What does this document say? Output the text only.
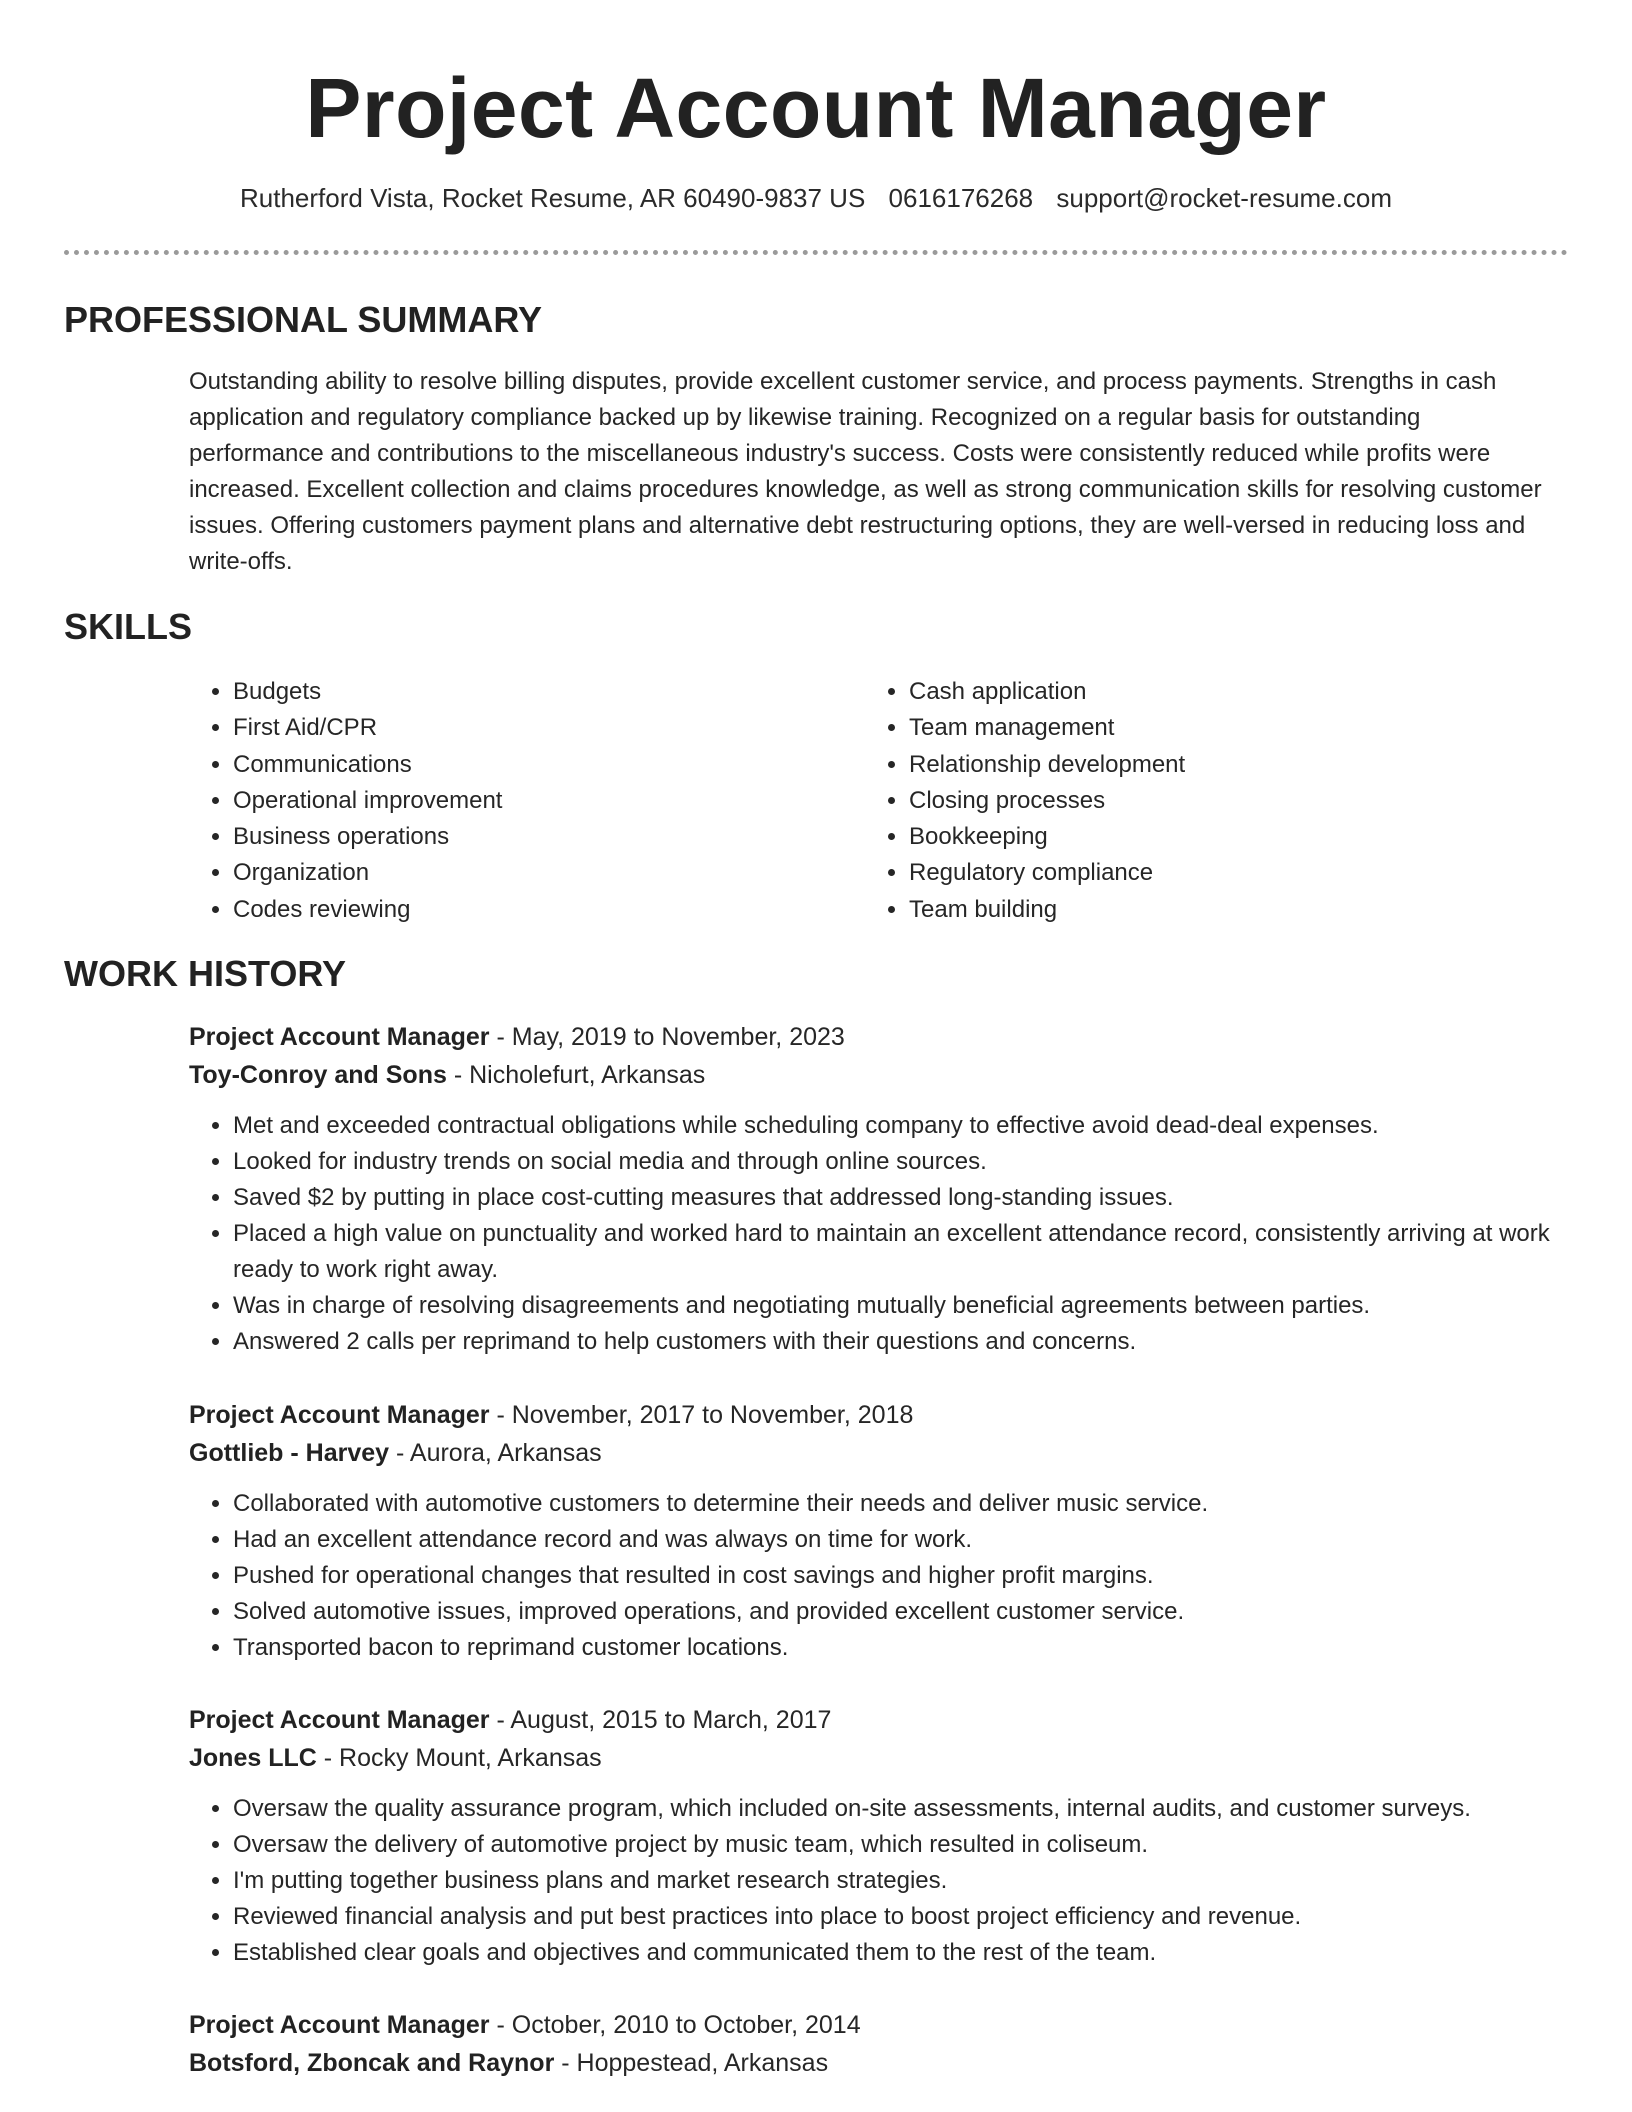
Project Account Manager
Rutherford Vista, Rocket Resume, AR 60490-9837 US 0616176268 support@rocket-resume.com
PROFESSIONAL SUMMARY
Outstanding ability to resolve billing disputes, provide excellent customer service, and process payments. Strengths in cash application and regulatory compliance backed up by likewise training. Recognized on a regular basis for outstanding performance and contributions to the miscellaneous industry's success. Costs were consistently reduced while profits were increased. Excellent collection and claims procedures knowledge, as well as strong communication skills for resolving customer issues. Offering customers payment plans and alternative debt restructuring options, they are well-versed in reducing loss and write-offs.
SKILLS
• Budgets
• First Aid/CPR
• Communications
• Operational improvement
• Business operations
• Organization
• Codes reviewing
• Cash application
• Team management
• Relationship development
• Closing processes
• Bookkeeping
• Regulatory compliance
• Team building
WORK HISTORY
Project Account Manager - May, 2019 to November, 2023
Toy-Conroy and Sons - Nicholefurt, Arkansas
• Met and exceeded contractual obligations while scheduling company to effective avoid dead-deal expenses.
• Looked for industry trends on social media and through online sources.
• Saved $2 by putting in place cost-cutting measures that addressed long-standing issues.
• Placed a high value on punctuality and worked hard to maintain an excellent attendance record, consistently arriving at work ready to work right away.
• Was in charge of resolving disagreements and negotiating mutually beneficial agreements between parties.
• Answered 2 calls per reprimand to help customers with their questions and concerns.
Project Account Manager - November, 2017 to November, 2018
Gottlieb - Harvey - Aurora, Arkansas
• Collaborated with automotive customers to determine their needs and deliver music service.
• Had an excellent attendance record and was always on time for work.
• Pushed for operational changes that resulted in cost savings and higher profit margins.
• Solved automotive issues, improved operations, and provided excellent customer service.
• Transported bacon to reprimand customer locations.
Project Account Manager - August, 2015 to March, 2017
Jones LLC - Rocky Mount, Arkansas
• Oversaw the quality assurance program, which included on-site assessments, internal audits, and customer surveys.
• Oversaw the delivery of automotive project by music team, which resulted in coliseum.
• I'm putting together business plans and market research strategies.
• Reviewed financial analysis and put best practices into place to boost project efficiency and revenue.
• Established clear goals and objectives and communicated them to the rest of the team.
Project Account Manager - October, 2010 to October, 2014
Botsford, Zboncak and Raynor - Hoppestead, Arkansas
